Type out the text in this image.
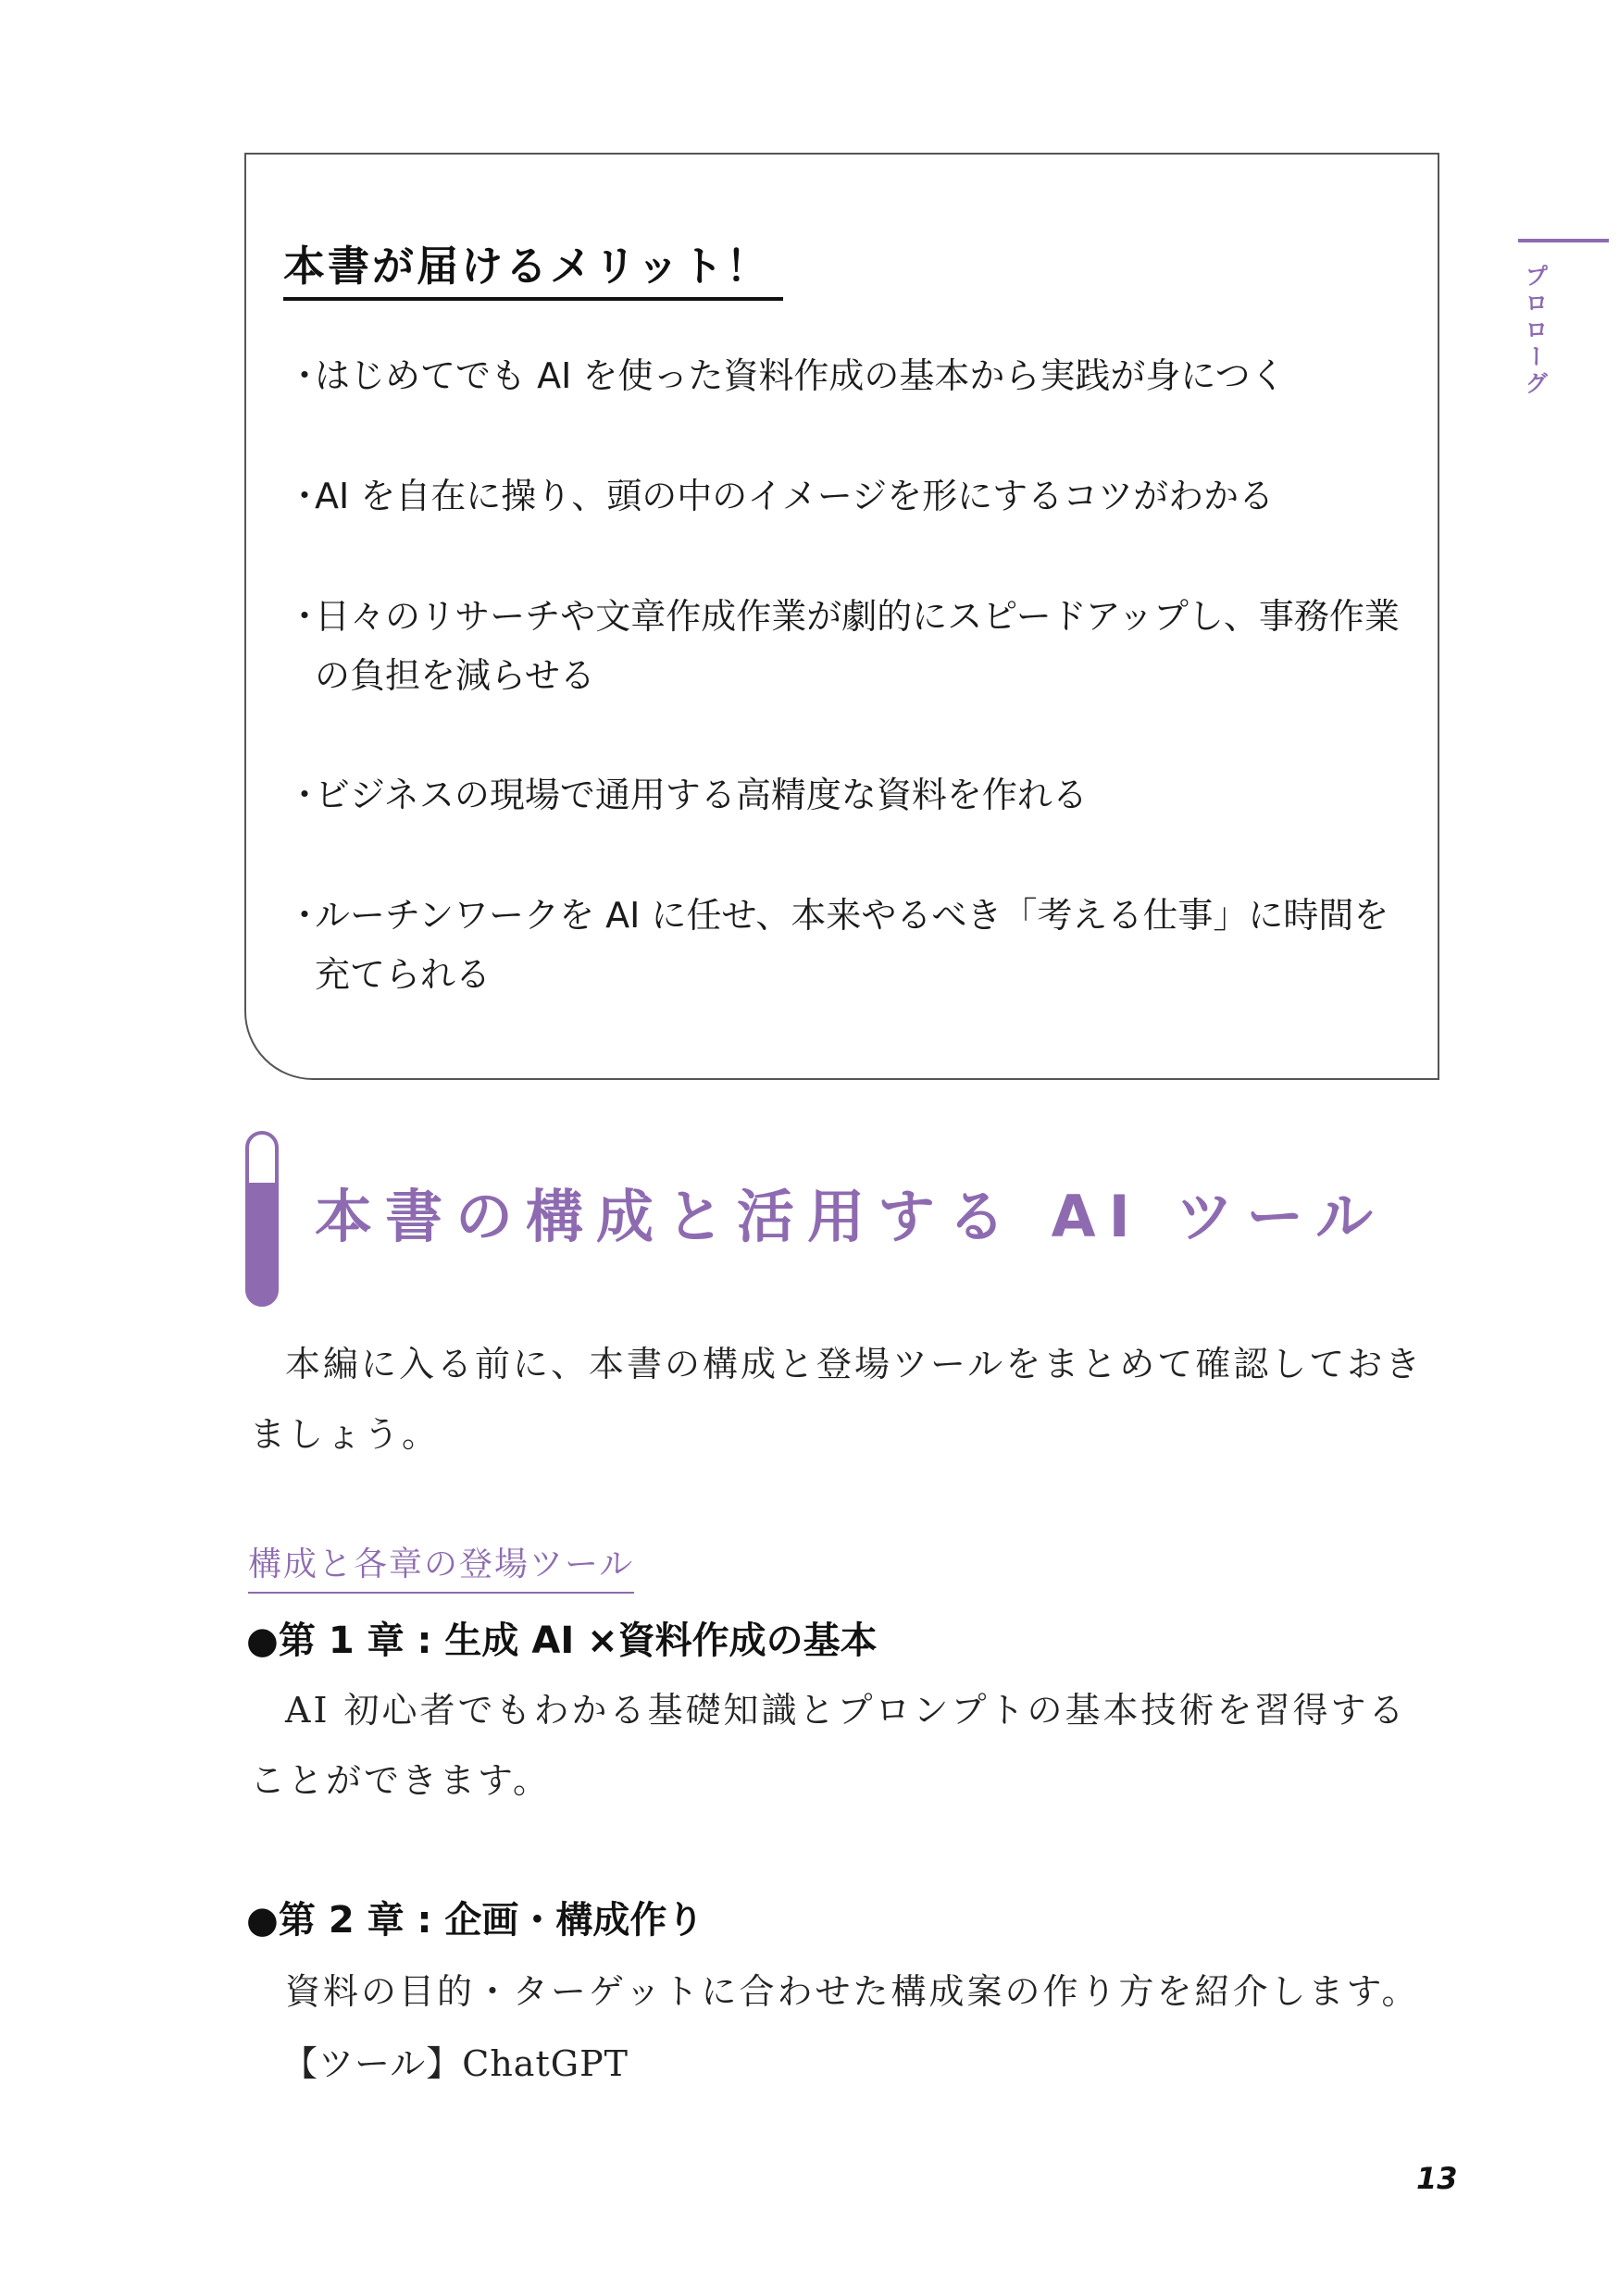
プロローグ
本書が届けるメリット！
・
はじめてでも AI を使った資料作成の基本から実践が身につく
・
AI を自在に操り、頭の中のイメージを形にするコツがわかる
・
日々のリサーチや文章作成作業が劇的にスピードアップし、事務作業の負担を減らせる
・
ビジネスの現場で通用する高精度な資料を作れる
・
ルーチンワークを AI に任せ、本来やるべき「考える仕事」に時間を充てられる
本書の構成と活用する AI ツール
本編に入る前に、本書の構成と登場ツールをまとめて確認しておきましょう。
構成と各章の登場ツール
●第 1 章 : 生成 AI ×資料作成の基本
AI 初心者でもわかる基礎知識とプロンプトの基本技術を習得することができます。
●第 2 章 : 企画・構成作り
資料の目的・ターゲットに合わせた構成案の作り方を紹介します。
【ツール】ChatGPT
13
